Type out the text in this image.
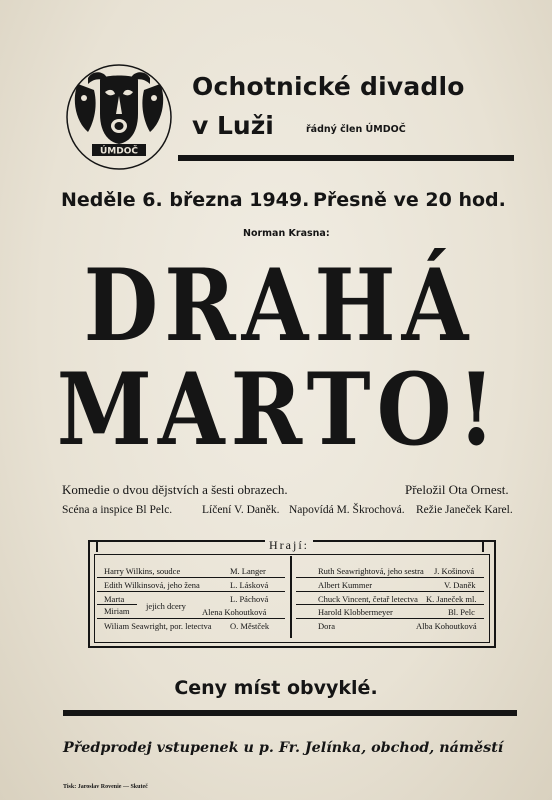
ÚMDOČ
Ochotnické divadlo
v Luži	řádný člen ÚMDOČ
Neděle 6. března 1949. Přesně ve 20 hod.
Norman Krasna:
DRAHÁ
MARTO!
Komedie o dvou dějstvích a šesti obrazech.	Přeložil Ota Ornest.
Scéna a inspice Bl Pelc.	Líčení V. Daněk. Napovídá M. Škrochová. Režie Janeček Karel.
Hrají:
Harry Wilkins, soudce	M. Langer
Edith Wilkinsová, jeho žena	L. Lásková
Marta	L. Páchová
jejich dcery
Miriam	Alena Kohoutková
Wiliam Seawright, por. letectva O. Městček
Ruth Seawrightová, jeho sestra J. Košinová
Albert Kummer	V. Daněk
Chuck Vincent, četař letectva K. Janeček ml.
Harold Klobbermeyer	Bl. Pelc
Dora	Alba Kohoutková
Ceny míst obvyklé.
Předprodej vstupenek u p. Fr. Jelínka, obchod, náměstí
Tisk: Jaroslav Rovenie — Skuteč
